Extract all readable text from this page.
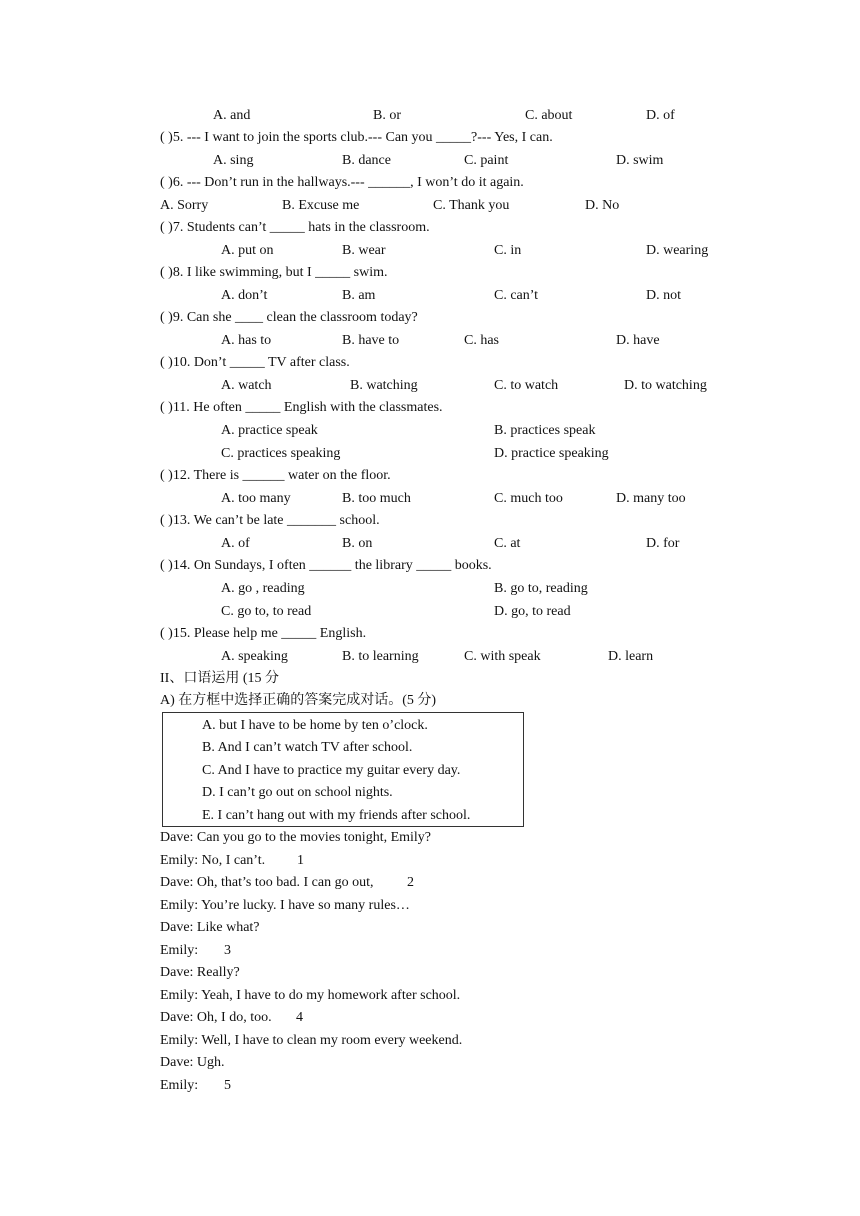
A. and	B. or	C. about	D. of
( )5. --- I want to join the sports club.--- Can you _____?--- Yes, I can.
A. sing	B. dance	C. paint	D. swim
( )6. --- Don’t run in the hallways.--- ______, I won’t do it again.
A. Sorry	B. Excuse me	C. Thank you	D. No
( )7. Students can’t _____ hats in the classroom.
A. put on	B. wear	C. in	D. wearing
( )8. I like swimming, but I _____ swim.
A. don’t	B. am	C. can’t	D. not
( )9. Can she ____ clean the classroom today?
A. has to	B. have to	C. has	D. have
( )10. Don’t _____ TV after class.
A. watch	B. watching	C. to watch	D. to watching
( )11. He often _____ English with the classmates.
A. practice speak	B. practices speak
C. practices speaking	D. practice speaking
( )12. There is ______ water on the floor.
A. too many	B. too much	C. much too	D. many too
( )13. We can’t be late _______ school.
A. of	B. on	C. at	D. for
( )14. On Sundays, I often ______ the library _____ books.
A. go , reading	B. go to, reading
C. go to, to read	D. go, to read
( )15. Please help me _____ English.
A. speaking	B. to learning	C. with speak	D. learn
II、口语运用 (15 分
A) 在方框中选择正确的答案完成对话。(5 分)
A. but I have to be home by ten o’clock.
B. And I can’t watch TV after school.
C. And I have to practice my guitar every day.
D. I can’t go out on school nights.
E. I can’t hang out with my friends after school.
Dave: Can you go to the movies tonight, Emily?
Emily: No, I can’t. 1
Dave: Oh, that’s too bad. I can go out, 2
Emily: You’re lucky. I have so many rules…
Dave: Like what?
Emily: 3
Dave: Really?
Emily: Yeah, I have to do my homework after school.
Dave: Oh, I do, too. 4
Emily: Well, I have to clean my room every weekend.
Dave: Ugh.
Emily: 5
